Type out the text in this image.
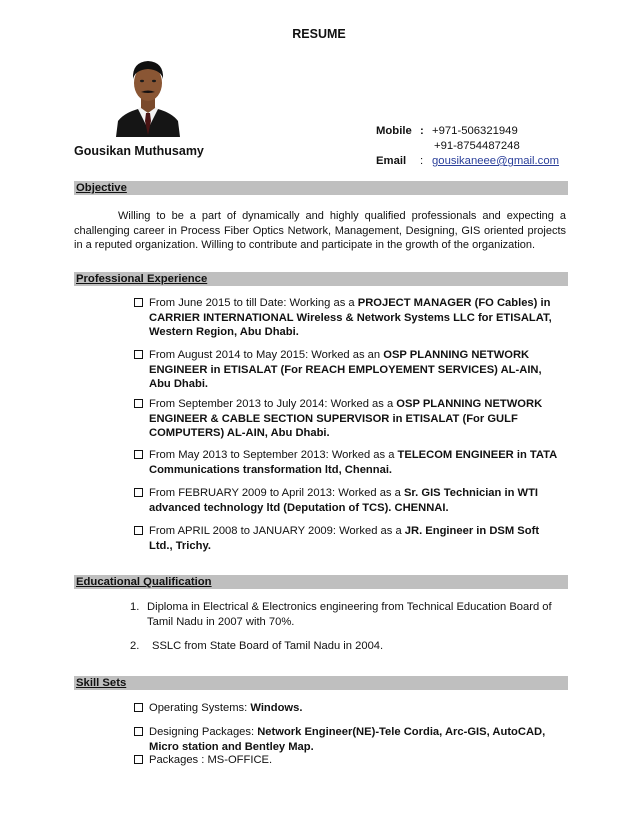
RESUME
Gousikan Muthusamy
Mobile : +971-506321949
+91-8754487248
Email : gousikaneee@gmail.com
Objective
Willing to be a part of dynamically and highly qualified professionals and expecting a challenging career in Process Fiber Optics Network, Management, Designing, GIS oriented projects in a reputed organization. Willing to contribute and participate in the growth of the organization.
Professional Experience
From June 2015 to till Date: Working as a PROJECT MANAGER (FO Cables) in CARRIER INTERNATIONAL Wireless & Network Systems LLC for ETISALAT, Western Region, Abu Dhabi.
From August 2014 to May 2015: Worked as an OSP PLANNING NETWORK ENGINEER in ETISALAT (For REACH EMPLOYEMENT SERVICES) AL-AIN, Abu Dhabi.
From September 2013 to July 2014: Worked as a OSP PLANNING NETWORK ENGINEER & CABLE SECTION SUPERVISOR in ETISALAT (For GULF COMPUTERS) AL-AIN, Abu Dhabi.
From May 2013 to September 2013: Worked as a TELECOM ENGINEER in TATA Communications transformation ltd, Chennai.
From FEBRUARY 2009 to April 2013: Worked as a Sr. GIS Technician in WTI advanced technology ltd (Deputation of TCS). CHENNAI.
From APRIL 2008 to JANUARY 2009: Worked as a JR. Engineer in DSM Soft Ltd., Trichy.
Educational Qualification
1. Diploma in Electrical & Electronics engineering from Technical Education Board of Tamil Nadu in 2007 with 70%.
2. SSLC from State Board of Tamil Nadu in 2004.
Skill Sets
Operating Systems: Windows.
Designing Packages: Network Engineer(NE)-Tele Cordia, Arc-GIS, AutoCAD, Micro station and Bentley Map.
Packages : MS-OFFICE.
